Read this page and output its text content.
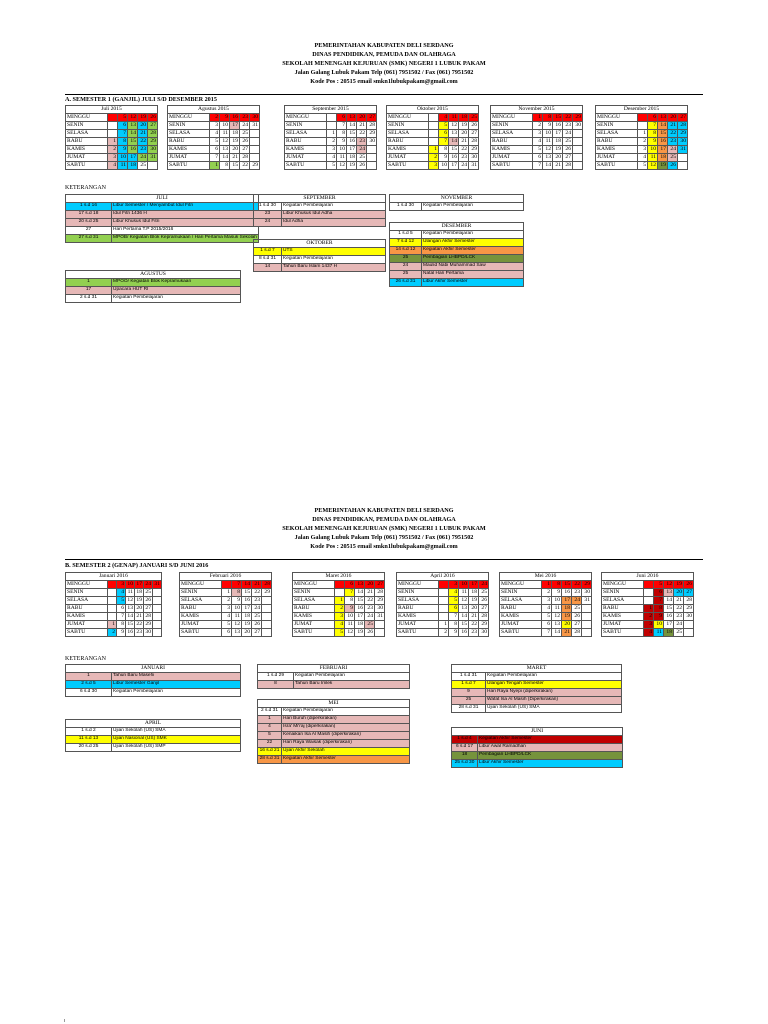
PEMERINTAHAN KABUPATEN DELI SERDANG
DINAS PENDIDIKAN, PEMUDA DAN OLAHRAGA
SEKOLAH MENENGAH KEJURUAN (SMK) NEGERI 1 LUBUK PAKAM
Jalan Galang Lubuk Pakam Telp (061) 7951502 / Fax (061) 7951502
Kode Pos : 20515 email smkn1lubukpakam@gmail.com
A. SEMESTER 1 (GANJIL) JULI S/D DESEMBER 2015
Juli 2015					
MINGGU		5	12	19	26
SENIN		6	13	20	27
SELASA		7	14	21	28
RABU	1	8	15	22	29
KAMIS	2	9	16	23	30
JUMAT	3	10	17	24	31
SABTU	4	11	18	25	
Agustus 2015					
MINGGU	2	9	16	23	30
SENIN	3	10	17	24	31
SELASA	4	11	18	25	
RABU	5	12	19	26	
KAMIS	6	13	20	27	
JUMAT	7	14	21	28	
SABTU	1	8	15	22	29
September 2015					
MINGGU		6	13	20	27
SENIN		7	14	21	28
SELASA	1	8	15	22	29
RABU	2	9	16	23	30
KAMIS	3	10	17	24	
JUMAT	4	11	18	25	
SABTU	5	12	19	26	
Oktober 2015					
MINGGU		4	11	18	25
SENIN		5	12	19	26
SELASA		6	13	20	27
RABU		7	14	21	28
KAMIS	1	8	15	22	29
JUMAT	2	9	16	23	30
SABTU	3	10	17	24	31
November 2015					
MINGGU	1	8	15	22	29
SENIN	2	9	16	23	30
SELASA	3	10	17	24	
RABU	4	11	18	25	
KAMIS	5	12	19	26	
JUMAT	6	13	20	27	
SABTU	7	14	21	28	
Desember 2015					
MINGGU		6	13	20	27
SENIN		7	14	21	28
SELASA	1	8	15	22	29
RABU	2	9	16	23	30
KAMIS	3	10	17	24	31
JUMAT	4	11	18	25	
SABTU	5	12	19	26	
KETERANGAN
JULI	
1 s.d 16	Libur Semester / Menyambut Idul Fitri
17 s.d 18	Idul Fitri 1436 H
20 s.d 25	Libur Khusus Idul Fitri
27	Hari Pertama T.P 2015/2016
27 s.d 31	MPOB/ Kegiatan Blok Kepramukaan / Hari Pertama Masuk Sekolah
AGUSTUS	
1	MPOO/ Kegiatan Blok Kepramukaan
17	Upacara HUT RI
2 s.d 31	Kegiatan Pembelajaran
SEPTEMBER	
1 s.d 30	Kegiatan Pembelajaran
23	Libur Khusus Idul Adha
24	Idul Adha
OKTOBER	
1 s.d 7	UTS
8 s.d 31	Kegiatan Pembelajaran
14	Tahun Baru Islam 1437 H
NOVEMBER
1 s.d 30	Kegiatan Pembelajaran
DESEMBER	
1 s.d 5	Kegiatan Pembelajaran
7 s.d 12	Ulangan Akhir Semester
14 s.d 12	Kegiatan Akhir Semester
25	Pembagian LHBPD/LCK
24	Maulid Nabi Muhammad Saw
25	Natal Hari Pertama
26 s.d 31	Libur Akhir Semester
PEMERINTAHAN KABUPATEN DELI SERDANG
DINAS PENDIDIKAN, PEMUDA DAN OLAHRAGA
SEKOLAH MENENGAH KEJURUAN (SMK) NEGERI 1 LUBUK PAKAM
Jalan Galang Lubuk Pakam Telp (061) 7951502 / Fax (061) 7951502
Kode Pos : 20515 email smkn1lubukpakam@gmail.com
B. SEMESTER 2 (GENAP) JANUARI S/D JUNI 2016
Januari 2016						
MINGGU		3	10	17	24	31
SENIN		4	11	18	25	
SELASA		5	12	19	26	
RABU		6	13	20	27	
KAMIS		7	14	21	28	
JUMAT	1	8	15	22	29	
SABTU	2	9	16	23	30	
Februari 2016					
MINGGU		7	14	21	28
SENIN	1	8	15	22	29
SELASA	2	9	16	23	
RABU	3	10	17	24	
KAMIS	4	11	18	25	
JUMAT	5	12	19	26	
SABTU	6	13	20	27	
Maret 2016					
MINGGU		6	13	20	27
SENIN		7	14	21	28
SELASA	1	8	15	22	29
RABU	2	9	16	23	30
KAMIS	3	10	17	24	31
JUMAT	4	11	18	25	
SABTU	5	12	19	26	
April 2016					
MINGGU		3	10	17	24
SENIN		4	11	18	25
SELASA		5	12	19	26
RABU		6	13	20	27
KAMIS		7	14	21	28
JUMAT	1	8	15	22	29
SABTU	2	9	16	23	30
Mei 2016					
MINGGU	1	8	15	22	29
SENIN	2	9	16	23	30
SELASA	3	10	17	24	31
RABU	4	11	18	25	
KAMIS	5	12	19	26	
JUMAT	6	13	20	27	
SABTU	7	14	21	28	
Juni 2016					
MINGGU		5	12	19	26
SENIN		6	13	20	27
SELASA		7	14	21	28
RABU	1	8	15	22	29
KAMIS	2	9	16	23	30
JUMAT	3	10	17	24	
SABTU	4	11	18	25	
KETERANGAN
JANUARI	
1	Tahun Baru Masehi
2 s.d 5	Libur Semester Ganjil
6 s.d 30	Kegiatan Pembelajaran
APRIL	
1 s.d 2	Ujian Sekolah (US) SMA
11 s.d 13	Ujian Nasional (US) SMK
20 s.d 25	Ujian Sekolah (US) SMP
FEBRUARI	
1 s.d 29	Kegiatan Pembelajaran
8	Tahun Baru Imlek
MEI	
2 s.d 31	Kegiatan Pembelajaran
1	Hari Buruh (diperkirakan)
4	Isra' Mi'raj (diperkirakan)
5	Kenaikan Isa Al Masih (diperkirakan)
22	Hari Raya Waisak (diperkirakan)
16 s.d 21	Ujian Akhir Sekolah
28 s.d 31	Kegiatan Akhir Semester
MARET	
1 s.d 31	Kegiatan Pembelajaran
1 s.d 7	Ulangan Tengah Semester
9	Hari Raya Nyepi (diperkirakan)
25	Wafat Isa Al Masih (Diperkirakan)
28 s.d 31	Ujian Sekolah (US) SMA
JUNI	
1 s.d 4	Kegiatan Akhir Semester
6 s.d 17	Libur Awal Ramadhan
18	Pembagian LHBPD/LCK
25 s.d 30	Libur Akhir Semester
